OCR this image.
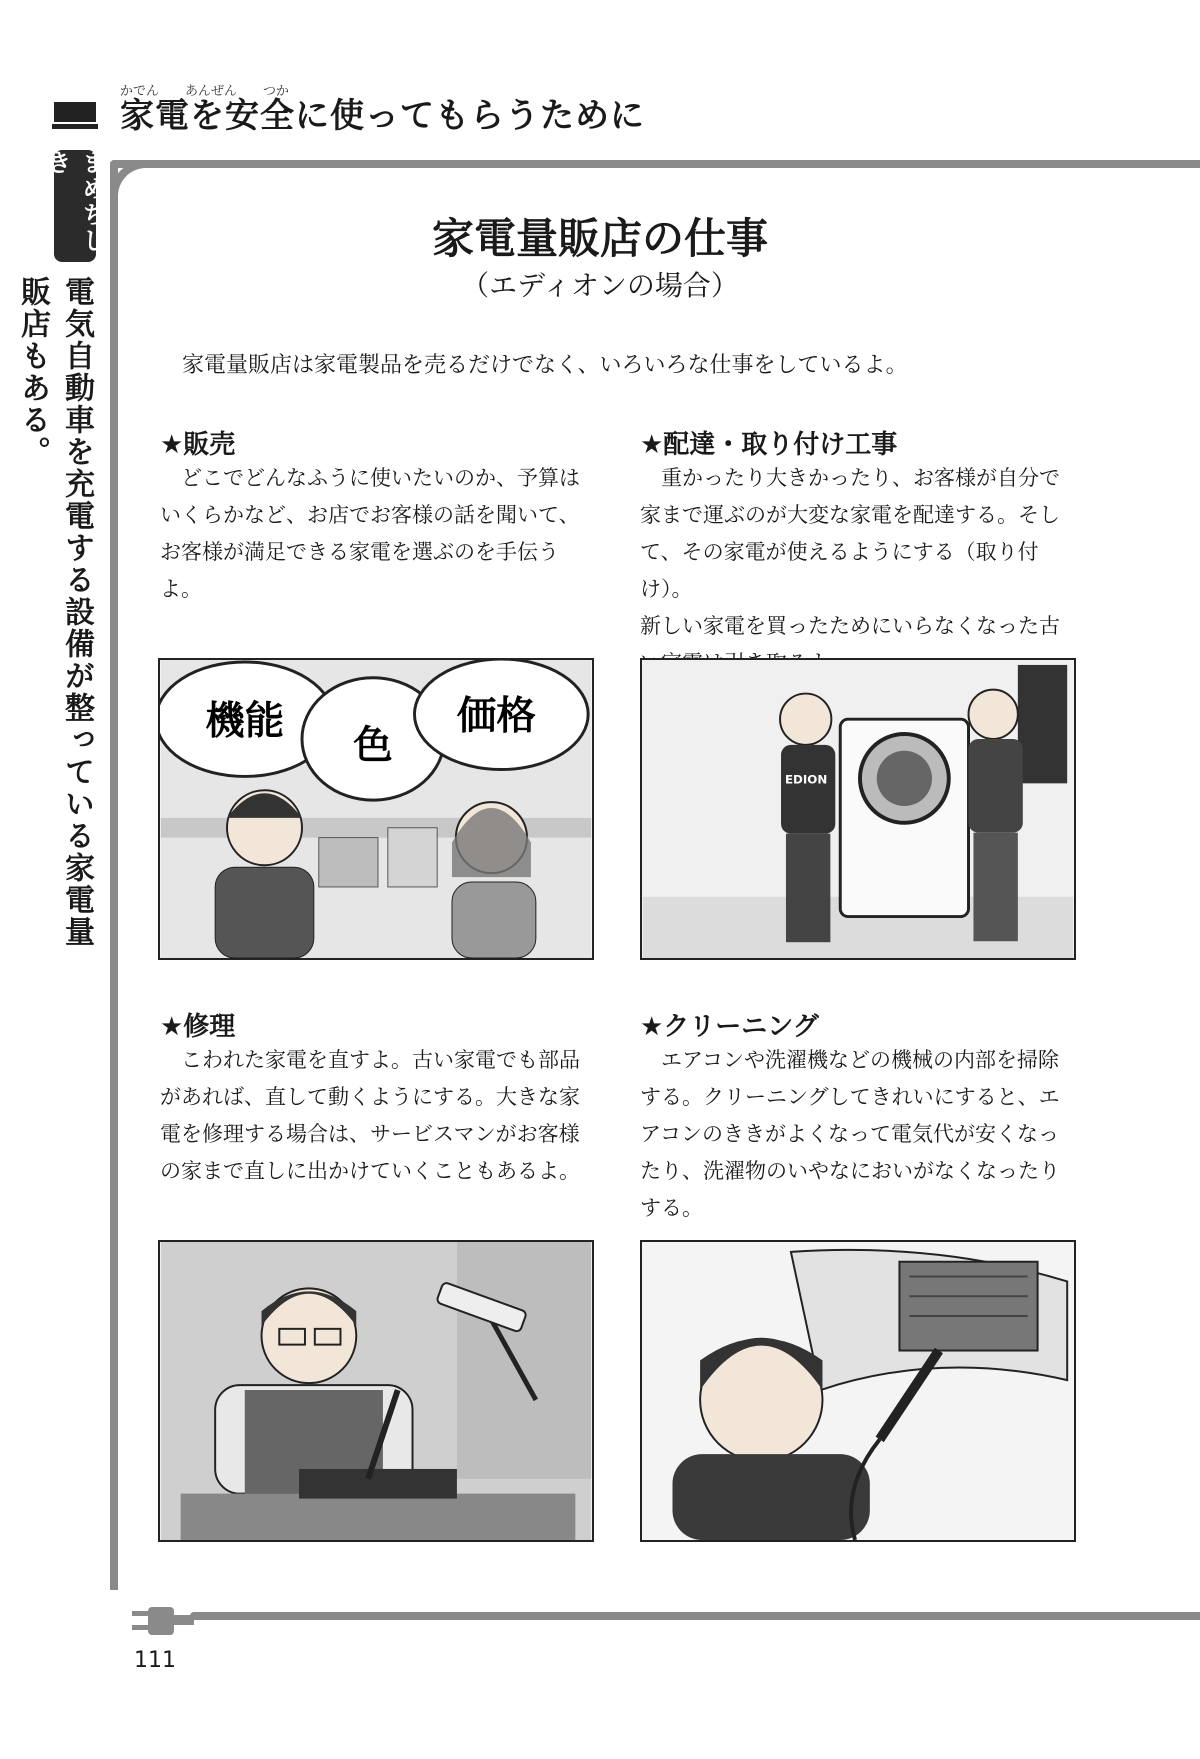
かでん　　あんぜん　　つか
家電を安全に使ってもらうために
まめちしき
電気自動車を充電する設備が整っている家電量販店もある。
家電量販店の仕事
（エディオンの場合）
家電量販店は家電製品を売るだけでなく、いろいろな仕事をしているよ。
★販売
どこでどんなふうに使いたいのか、予算は
いくらかなど、お店でお客様の話を聞いて、
お客様が満足できる家電を選ぶのを手伝うよ。
★配達・取り付け工事
重かったり大きかったり、お客様が自分で
家まで運ぶのが大変な家電を配達する。そし
て、その家電が使えるようにする（取り付け）。
新しい家電を買ったためにいらなくなった古
機能
色
価格
EDION
★修理
こわれた家電を直すよ。古い家電でも部品
があれば、直して動くようにする。大きな家
電を修理する場合は、サービスマンがお客様
の家まで直しに出かけていくこともあるよ。
★クリーニング
エアコンや洗濯機などの機械の内部を掃除
する。クリーニングしてきれいにすると、エ
アコンのききがよくなって電気代が安くなっ
たり、洗濯物のいやなにおいがなくなったり
する。
111
